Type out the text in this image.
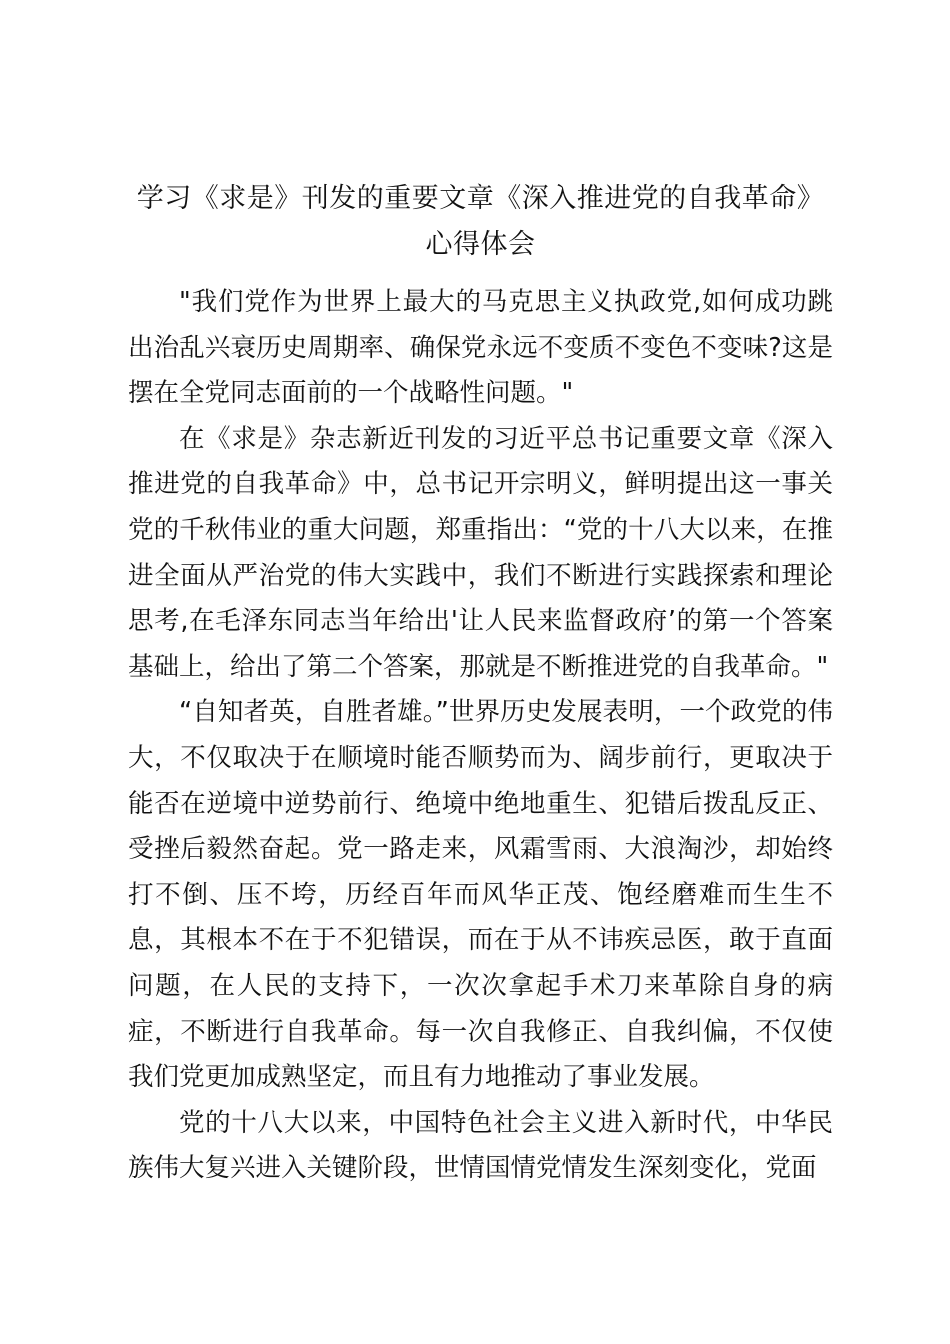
学习《求是》刊发的重要文章《深入推进党的自我革命》心得体会

"我们党作为世界上最大的马克思主义执政党,如何成功跳出治乱兴衰历史周期率、确保党永远不变质不变色不变味?这是摆在全党同志面前的一个战略性问题。"

在《求是》杂志新近刊发的习近平总书记重要文章《深入推进党的自我革命》中，总书记开宗明义，鲜明提出这一事关党的千秋伟业的重大问题，郑重指出：“党的十八大以来，在推进全面从严治党的伟大实践中，我们不断进行实践探索和理论思考,在毛泽东同志当年给出'让人民来监督政府’的第一个答案基础上，给出了第二个答案，那就是不断推进党的自我革命。"

“自知者英，自胜者雄。”世界历史发展表明，一个政党的伟大，不仅取决于在顺境时能否顺势而为、阔步前行，更取决于能否在逆境中逆势前行、绝境中绝地重生、犯错后拨乱反正、受挫后毅然奋起。党一路走来，风霜雪雨、大浪淘沙，却始终打不倒、压不垮，历经百年而风华正茂、饱经磨难而生生不息，其根本不在于不犯错误，而在于从不讳疾忌医，敢于直面问题，在人民的支持下，一次次拿起手术刀来革除自身的病症，不断进行自我革命。每一次自我修正、自我纠偏，不仅使我们党更加成熟坚定，而且有力地推动了事业发展。

党的十八大以来，中国特色社会主义进入新时代，中华民族伟大复兴进入关键阶段，世情国情党情发生深刻变化，党面
